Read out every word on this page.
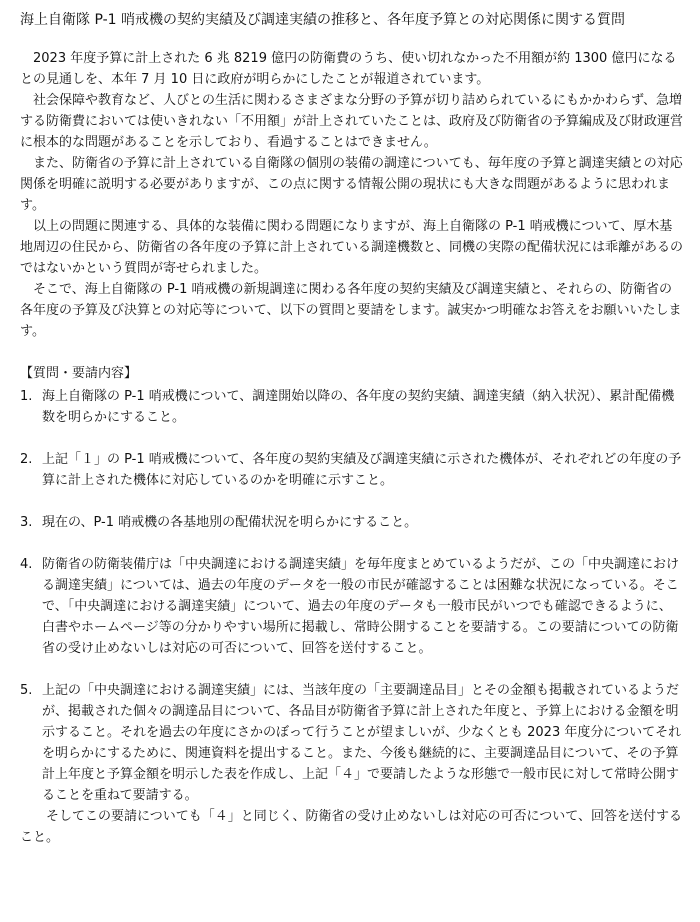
海上自衛隊 P-1 哨戒機の契約実績及び調達実績の推移と、各年度予算との対応関係に関する質問

2023 年度予算に計上された 6 兆 8219 億円の防衛費のうち、使い切れなかった不用額が約 1300 億円になるとの見通しを、本年 7 月 10 日に政府が明らかにしたことが報道されています。

社会保障や教育など、人びとの生活に関わるさまざまな分野の予算が切り詰められているにもかかわらず、急増する防衛費においては使いきれない「不用額」が計上されていたことは、政府及び防衛省の予算編成及び財政運営に根本的な問題があることを示しており、看過することはできません。

また、防衛省の予算に計上されている自衛隊の個別の装備の調達についても、毎年度の予算と調達実績との対応関係を明確に説明する必要がありますが、この点に関する情報公開の現状にも大きな問題があるように思われます。

以上の問題に関連する、具体的な装備に関わる問題になりますが、海上自衛隊の P-1 哨戒機について、厚木基地周辺の住民から、防衛省の各年度の予算に計上されている調達機数と、同機の実際の配備状況には乖離があるのではないかという質問が寄せられました。

そこで、海上自衛隊の P-1 哨戒機の新規調達に関わる各年度の契約実績及び調達実績と、それらの、防衛省の各年度の予算及び決算との対応等について、以下の質問と要請をします。誠実かつ明確なお答えをお願いいたします。

【質問・要請内容】
1. 海上自衛隊の P-1 哨戒機について、調達開始以降の、各年度の契約実績、調達実績（納入状況）、累計配備機数を明らかにすること。
2. 上記「１」の P-1 哨戒機について、各年度の契約実績及び調達実績に示された機体が、それぞれどの年度の予算に計上された機体に対応しているのかを明確に示すこと。
3. 現在の、P-1 哨戒機の各基地別の配備状況を明らかにすること。
4. 防衛省の防衛装備庁は「中央調達における調達実績」を毎年度まとめているようだが、この「中央調達における調達実績」については、過去の年度のデータを一般の市民が確認することは困難な状況になっている。そこで、「中央調達における調達実績」について、過去の年度のデータも一般市民がいつでも確認できるように、白書やホームページ等の分かりやすい場所に掲載し、常時公開することを要請する。この要請についての防衛省の受け止めないしは対応の可否について、回答を送付すること。
5. 上記の「中央調達における調達実績」には、当該年度の「主要調達品目」とその金額も掲載されているようだが、掲載された個々の調達品目について、各品目が防衛省予算に計上された年度と、予算上における金額を明示すること。それを過去の年度にさかのぼって行うことが望ましいが、少なくとも 2023 年度分についてそれを明らかにするために、関連資料を提出すること。また、今後も継続的に、主要調達品目について、その予算計上年度と予算金額を明示した表を作成し、上記「４」で要請したような形態で一般市民に対して常時公開することを重ねて要請する。

そしてこの要請についても「４」と同じく、防衛省の受け止めないしは対応の可否について、回答を送付すること。
